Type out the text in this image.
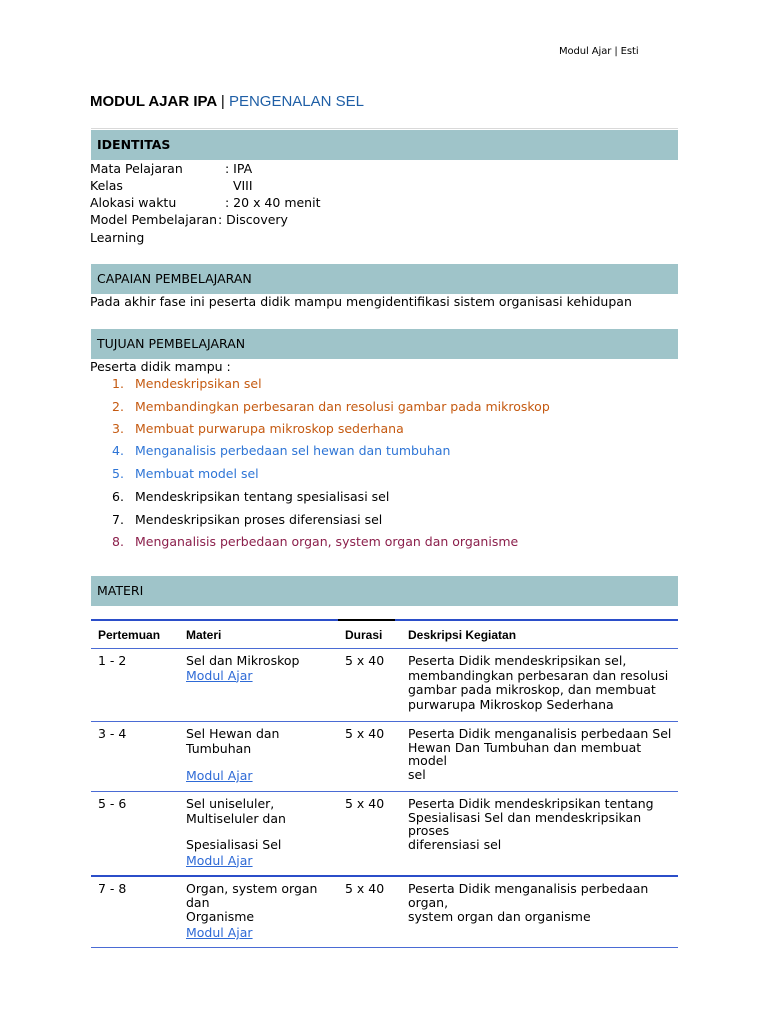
Modul Ajar | Esti
MODUL AJAR IPA | PENGENALAN SEL
IDENTITAS
Mata Pelajaran	: IPA
Kelas	VIII
Alokasi waktu	: 20 x 40 menit
Model Pembelajaran : Discovery
Learning
CAPAIAN PEMBELAJARAN
Pada akhir fase ini peserta didik mampu mengidentifikasi sistem organisasi kehidupan
TUJUAN PEMBELAJARAN
Peserta didik mampu :
1. Mendeskripsikan sel
2. Membandingkan perbesaran dan resolusi gambar pada mikroskop
3. Membuat purwarupa mikroskop sederhana
4. Menganalisis perbedaan sel hewan dan tumbuhan
5. Membuat model sel
6. Mendeskripsikan tentang spesialisasi sel
7. Mendeskripsikan proses diferensiasi sel
8. Menganalisis perbedaan organ, system organ dan organisme
MATERI
Pertemuan Materi	Durasi Deskripsi Kegiatan
1 - 2	Sel dan Mikroskop
Modul Ajar
5 x 40 Peserta Didik mendeskripsikan sel,
membandingkan perbesaran dan resolusi
gambar pada mikroskop, dan membuat
purwarupa Mikroskop Sederhana
3 - 4	Sel Hewan dan
Tumbuhan
Modul Ajar
5 x 40 Peserta Didik menganalisis perbedaan Sel
Hewan Dan Tumbuhan dan membuat
model
sel
5 - 6	Sel uniseluler,
Multiseluler dan
Spesialisasi Sel
Modul Ajar
5 x 40 Peserta Didik mendeskripsikan tentang
Spesialisasi Sel dan mendeskripsikan
proses
diferensiasi sel
7 - 8	Organ, system organ
dan
Organisme
Modul Ajar
5 x 40 Peserta Didik menganalisis perbedaan
organ,
system organ dan organisme
